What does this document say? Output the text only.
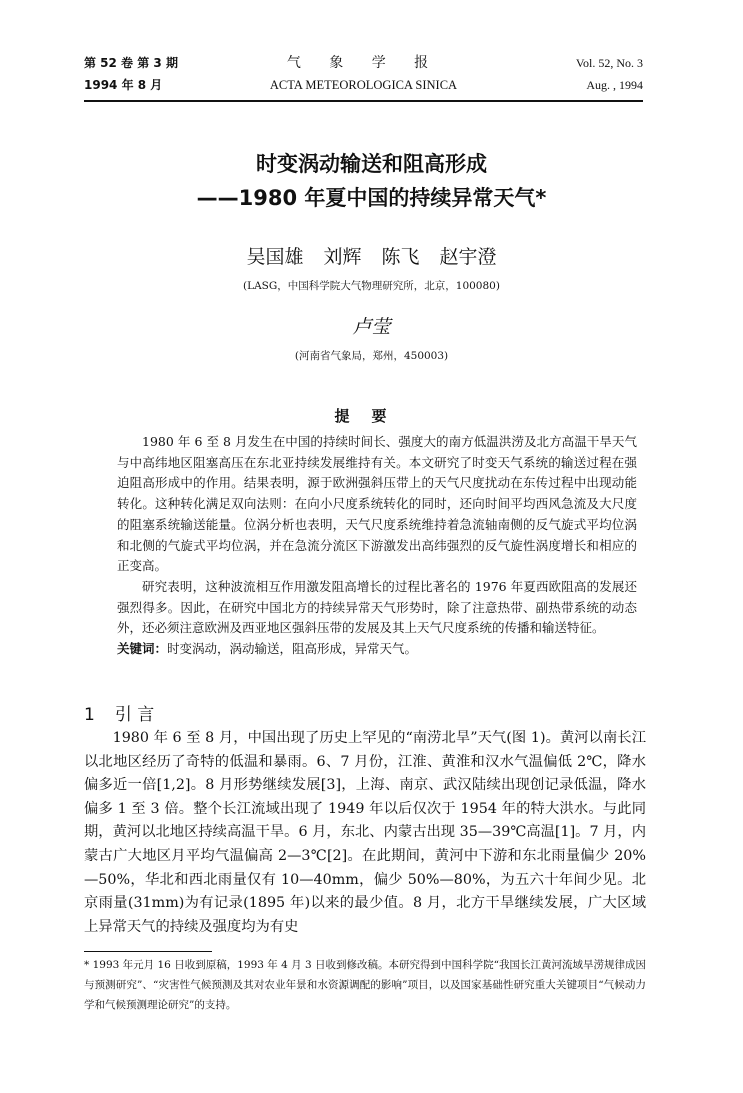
第 52 卷 第 3 期
1994 年 8 月
气 象 学 报
ACTA METEOROLOGICA SINICA
Vol. 52, No. 3
Aug. , 1994
时变涡动输送和阻高形成
——1980 年夏中国的持续异常天气*
吴国雄 刘辉 陈飞 赵宇澄
(LASG，中国科学院大气物理研究所，北京，100080)
卢莹
(河南省气象局，郑州，450003)
提要

1980 年 6 至 8 月发生在中国的持续时间长、强度大的南方低温洪涝及北方高温干旱天气与中高纬地区阻塞高压在东北亚持续发展维持有关。本文研究了时变天气系统的输送过程在强迫阻高形成中的作用。结果表明，源于欧洲强斜压带上的天气尺度扰动在东传过程中出现动能转化。这种转化满足双向法则：在向小尺度系统转化的同时，还向时间平均西风急流及大尺度的阻塞系统输送能量。位涡分析也表明，天气尺度系统维持着急流轴南侧的反气旋式平均位涡和北侧的气旋式平均位涡，并在急流分流区下游激发出高纬强烈的反气旋性涡度增长和相应的正变高。

研究表明，这种波流相互作用激发阻高增长的过程比著名的 1976 年夏西欧阻高的发展还强烈得多。因此，在研究中国北方的持续异常天气形势时，除了注意热带、副热带系统的动态外，还必须注意欧洲及西亚地区强斜压带的发展及其上天气尺度系统的传播和输送特征。

关键词：时变涡动，涡动输送，阻高形成，异常天气。
1 引 言

1980 年 6 至 8 月，中国出现了历史上罕见的“南涝北旱”天气(图 1)。黄河以南长江以北地区经历了奇特的低温和暴雨。6、7 月份，江淮、黄淮和汉水气温偏低 2℃，降水偏多近一倍[1,2]。8 月形势继续发展[3]，上海、南京、武汉陆续出现创记录低温，降水偏多 1 至 3 倍。整个长江流域出现了 1949 年以后仅次于 1954 年的特大洪水。与此同期，黄河以北地区持续高温干旱。6 月，东北、内蒙古出现 35—39℃高温[1]。7 月，内蒙古广大地区月平均气温偏高 2—3℃[2]。在此期间，黄河中下游和东北雨量偏少 20%—50%，华北和西北雨量仅有 10—40mm，偏少 50%—80%，为五六十年间少见。北京雨量(31mm)为有记录(1895 年)以来的最少值。8 月，北方干旱继续发展，广大区域上异常天气的持续及强度均为有史

* 1993 年元月 16 日收到原稿，1993 年 4 月 3 日收到修改稿。本研究得到中国科学院“我国长江黄河流域旱涝规律成因与预测研究”、“灾害性气候预测及其对农业年景和水资源调配的影响”项目，以及国家基础性研究重大关键项目“气候动力学和气候预测理论研究”的支持。
